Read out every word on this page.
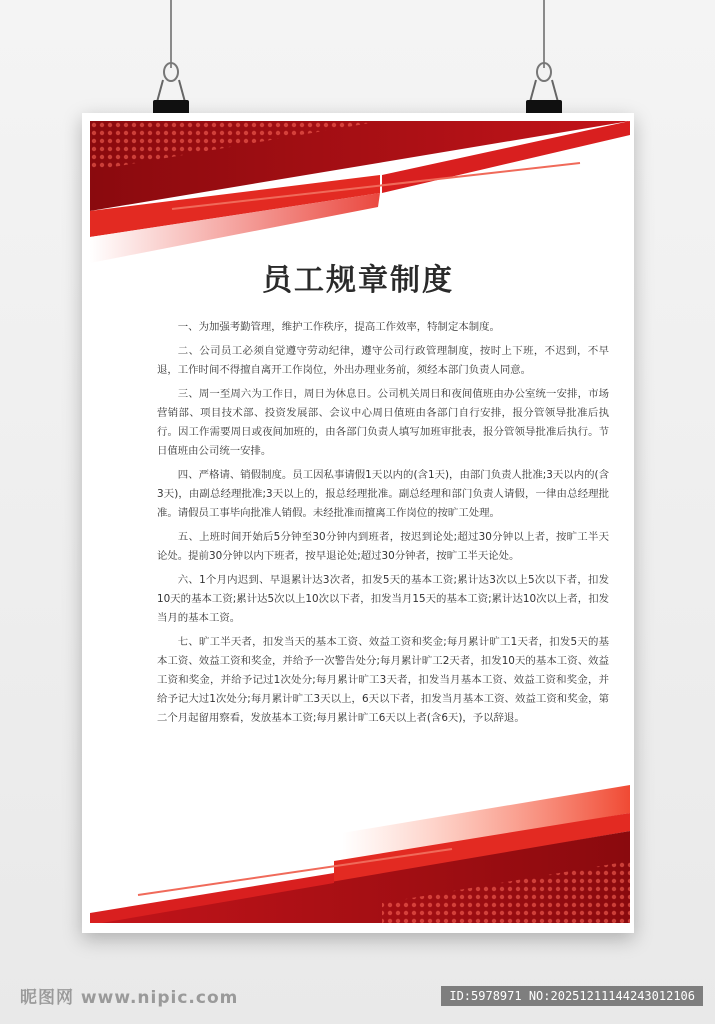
员工规章制度

一、为加强考勤管理，维护工作秩序，提高工作效率，特制定本制度。

二、公司员工必须自觉遵守劳动纪律，遵守公司行政管理制度，按时上下班，不迟到，不早退，工作时间不得擅自离开工作岗位，外出办理业务前，须经本部门负责人同意。

三、周一至周六为工作日，周日为休息日。公司机关周日和夜间值班由办公室统一安排，市场营销部、项目技术部、投资发展部、会议中心周日值班由各部门自行安排，报分管领导批准后执行。因工作需要周日或夜间加班的，由各部门负责人填写加班审批表，报分管领导批准后执行。节日值班由公司统一安排。

四、严格请、销假制度。员工因私事请假1天以内的(含1天)，由部门负责人批准;3天以内的(含3天)，由副总经理批准;3天以上的，报总经理批准。副总经理和部门负责人请假，一律由总经理批准。请假员工事毕向批准人销假。未经批准而擅离工作岗位的按旷工处理。

五、上班时间开始后5分钟至30分钟内到班者，按迟到论处;超过30分钟以上者，按旷工半天论处。提前30分钟以内下班者，按早退论处;超过30分钟者，按旷工半天论处。

六、1个月内迟到、早退累计达3次者，扣发5天的基本工资;累计达3次以上5次以下者，扣发10天的基本工资;累计达5次以上10次以下者，扣发当月15天的基本工资;累计达10次以上者，扣发当月的基本工资。

七、旷工半天者，扣发当天的基本工资、效益工资和奖金;每月累计旷工1天者，扣发5天的基本工资、效益工资和奖金，并给予一次警告处分;每月累计旷工2天者，扣发10天的基本工资、效益工资和奖金，并给予记过1次处分;每月累计旷工3天者，扣发当月基本工资、效益工资和奖金，并给予记大过1次处分;每月累计旷工3天以上，6天以下者，扣发当月基本工资、效益工资和奖金，第二个月起留用察看，发放基本工资;每月累计旷工6天以上者(含6天)，予以辞退。

昵图网 www.nipic.com	ID:5978971 NO:20251211144243012106
